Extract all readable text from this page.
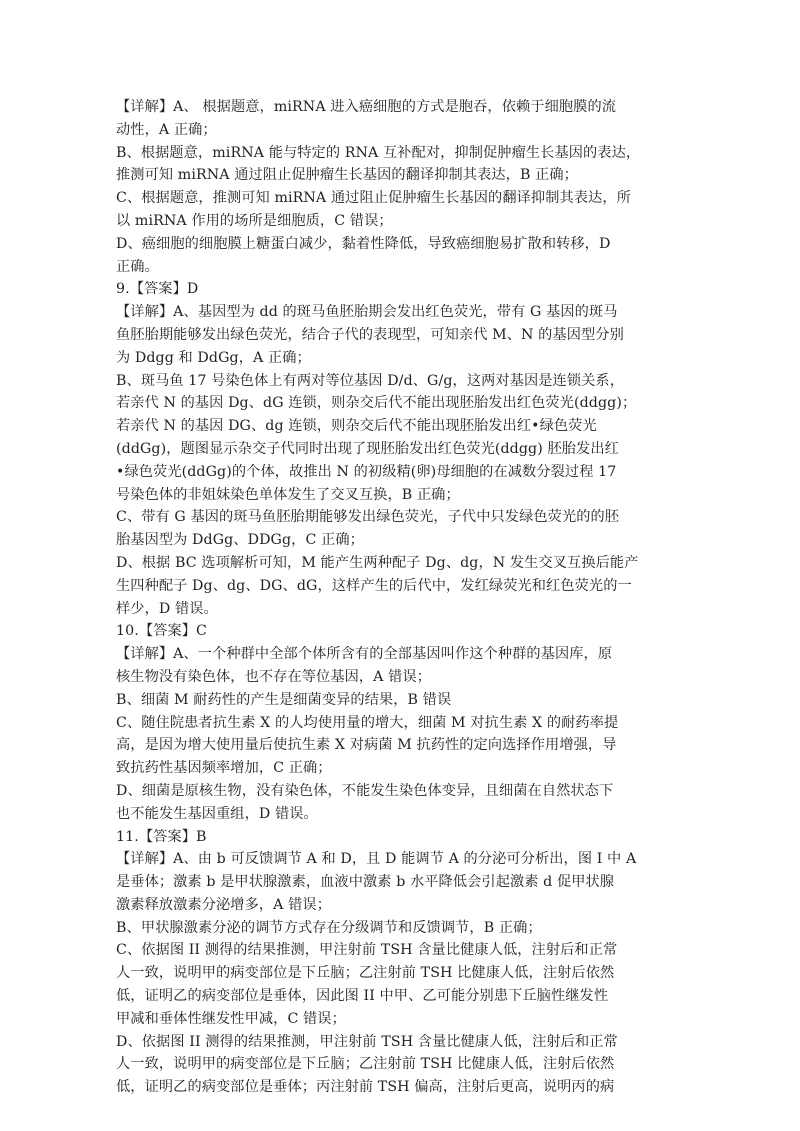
【详解】A、 根据题意，miRNA 进入癌细胞的方式是胞吞，依赖于细胞膜的流
动性，A 正确；
B、根据题意，miRNA 能与特定的 RNA 互补配对，抑制促肿瘤生长基因的表达，
推测可知 miRNA 通过阻止促肿瘤生长基因的翻译抑制其表达，B 正确；
C、根据题意，推测可知 miRNA 通过阻止促肿瘤生长基因的翻译抑制其表达，所
以 miRNA 作用的场所是细胞质，C 错误；
D、癌细胞的细胞膜上糖蛋白减少，黏着性降低，导致癌细胞易扩散和转移，D
正确。
9.【答案】D
【详解】A、基因型为 dd 的斑马鱼胚胎期会发出红色荧光，带有 G 基因的斑马
鱼胚胎期能够发出绿色荧光，结合子代的表现型，可知亲代 M、N 的基因型分别
为 Ddgg 和 DdGg，A 正确；
B、斑马鱼 17 号染色体上有两对等位基因 D/d、G/g，这两对基因是连锁关系，
若亲代 N 的基因 Dg、dG 连锁，则杂交后代不能出现胚胎发出红色荧光(ddgg)；
若亲代 N 的基因 DG、dg 连锁，则杂交后代不能出现胚胎发出红•绿色荧光
(ddGg)，题图显示杂交子代同时出现了现胚胎发出红色荧光(ddgg) 胚胎发出红
•绿色荧光(ddGg)的个体，故推出 N 的初级精(卵)母细胞的在减数分裂过程 17
号染色体的非姐妹染色单体发生了交叉互换，B 正确；
C、带有 G 基因的斑马鱼胚胎期能够发出绿色荧光，子代中只发绿色荧光的的胚
胎基因型为 DdGg、DDGg，C 正确；
D、根据 BC 选项解析可知，M 能产生两种配子 Dg、dg，N 发生交叉互换后能产
生四种配子 Dg、dg、DG、dG，这样产生的后代中，发红绿荧光和红色荧光的一
样少，D 错误。
10.【答案】C
【详解】A、一个种群中全部个体所含有的全部基因叫作这个种群的基因库，原
核生物没有染色体，也不存在等位基因，A 错误；
B、细菌 M 耐药性的产生是细菌变异的结果，B 错误
C、随住院患者抗生素 X 的人均使用量的增大，细菌 M 对抗生素 X 的耐药率提
高，是因为增大使用量后使抗生素 X 对病菌 M 抗药性的定向选择作用增强，导
致抗药性基因频率增加，C 正确；
D、细菌是原核生物，没有染色体，不能发生染色体变异，且细菌在自然状态下
也不能发生基因重组，D 错误。
11.【答案】B
【详解】A、由 b 可反馈调节 A 和 D，且 D 能调节 A 的分泌可分析出，图 I 中 A
是垂体；激素 b 是甲状腺激素，血液中激素 b 水平降低会引起激素 d 促甲状腺
激素释放激素分泌增多，A 错误；
B、甲状腺激素分泌的调节方式存在分级调节和反馈调节，B 正确；
C、依据图 II 测得的结果推测，甲注射前 TSH 含量比健康人低，注射后和正常
人一致，说明甲的病变部位是下丘脑；乙注射前 TSH 比健康人低，注射后依然
低，证明乙的病变部位是垂体，因此图 II 中甲、乙可能分别患下丘脑性继发性
甲减和垂体性继发性甲减，C 错误；
D、依据图 II 测得的结果推测，甲注射前 TSH 含量比健康人低，注射后和正常
人一致，说明甲的病变部位是下丘脑；乙注射前 TSH 比健康人低，注射后依然
低，证明乙的病变部位是垂体；丙注射前 TSH 偏高，注射后更高，说明丙的病
